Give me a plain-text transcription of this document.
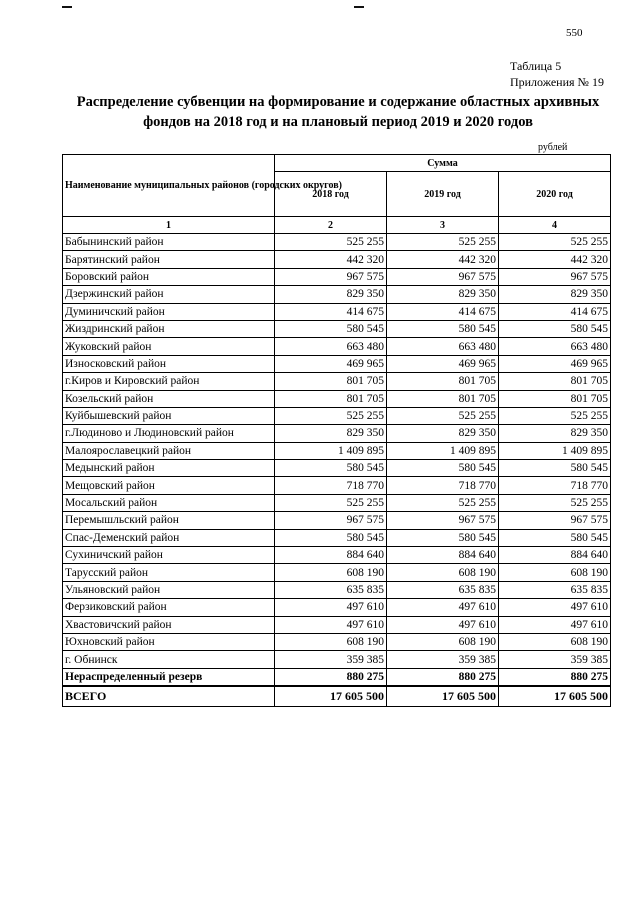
550
Таблица 5
Приложения № 19
Распределение субвенции на формирование и содержание областных архивных фондов на 2018 год и на плановый период 2019 и 2020 годов
рублей
Наименование муниципальных районов (городских округов)	Сумма		
	2018 год	2019 год	2020 год
1	2	3	4
Бабынинский район	525 255	525 255	525 255
Барятинский район	442 320	442 320	442 320
Боровский район	967 575	967 575	967 575
Дзержинский район	829 350	829 350	829 350
Думиничский район	414 675	414 675	414 675
Жиздринский район	580 545	580 545	580 545
Жуковский район	663 480	663 480	663 480
Износковский район	469 965	469 965	469 965
г.Киров и Кировский район	801 705	801 705	801 705
Козельский район	801 705	801 705	801 705
Куйбышевский район	525 255	525 255	525 255
г.Людиново и Людиновский район	829 350	829 350	829 350
Малоярославецкий район	1 409 895	1 409 895	1 409 895
Медынский район	580 545	580 545	580 545
Мещовский район	718 770	718 770	718 770
Мосальский район	525 255	525 255	525 255
Перемышльский район	967 575	967 575	967 575
Спас-Деменский район	580 545	580 545	580 545
Сухиничский район	884 640	884 640	884 640
Тарусский район	608 190	608 190	608 190
Ульяновский район	635 835	635 835	635 835
Ферзиковский район	497 610	497 610	497 610
Хвастовичский район	497 610	497 610	497 610
Юхновский район	608 190	608 190	608 190
г. Обнинск	359 385	359 385	359 385
Нераспределенный резерв	880 275	880 275	880 275
ВСЕГО	17 605 500	17 605 500	17 605 500
